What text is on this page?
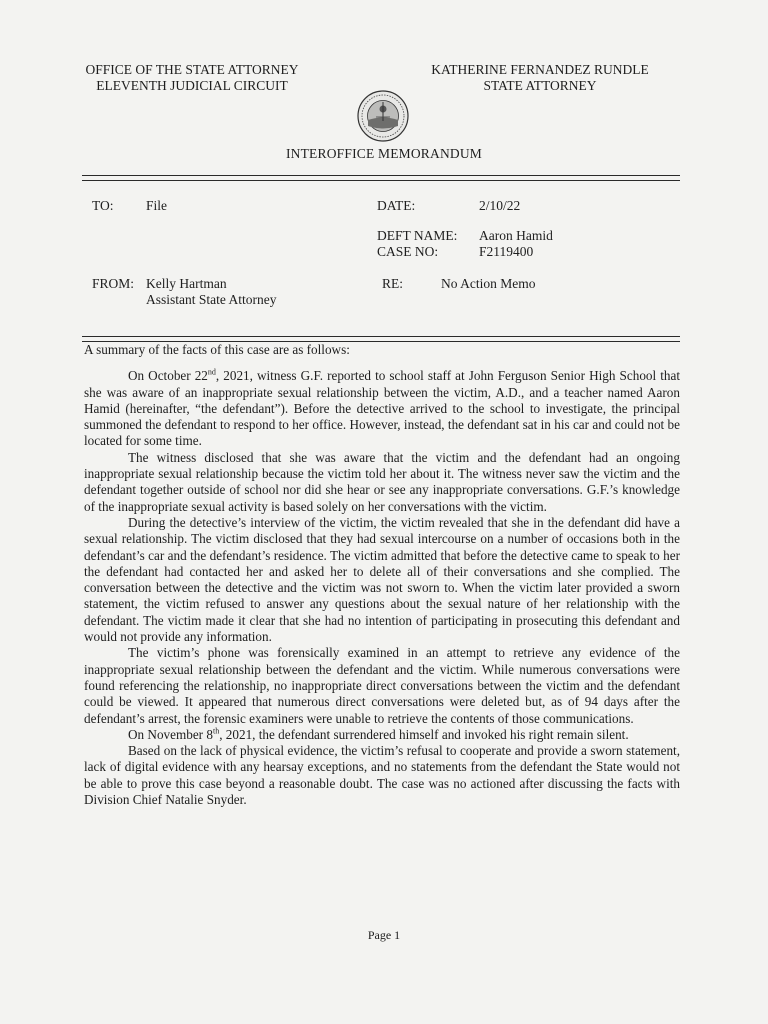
OFFICE OF THE STATE ATTORNEY
ELEVENTH JUDICIAL CIRCUIT
KATHERINE FERNANDEZ RUNDLE
STATE ATTORNEY
INTEROFFICE MEMORANDUM
TO: File	DATE:	2/10/22
DEFT NAME: Aaron Hamid
CASE NO:	F2119400
FROM: Kelly Hartman
Assistant State Attorney
RE:	No Action Memo

A summary of the facts of this case are as follows:

On October 22nd, 2021, witness G.F. reported to school staff at John Ferguson Senior High School that she was aware of an inappropriate sexual relationship between the victim, A.D., and a teacher named Aaron Hamid (hereinafter, “the defendant”). Before the detective arrived to the school to investigate, the principal summoned the defendant to respond to her office. However, instead, the defendant sat in his car and could not be located for some time.

The witness disclosed that she was aware that the victim and the defendant had an ongoing inappropriate sexual relationship because the victim told her about it. The witness never saw the victim and the defendant together outside of school nor did she hear or see any inappropriate conversations. G.F.’s knowledge of the inappropriate sexual activity is based solely on her conversations with the victim.

During the detective’s interview of the victim, the victim revealed that she in the defendant did have a sexual relationship. The victim disclosed that they had sexual intercourse on a number of occasions both in the defendant’s car and the defendant’s residence. The victim admitted that before the detective came to speak to her the defendant had contacted her and asked her to delete all of their conversations and she complied. The conversation between the detective and the victim was not sworn to. When the victim later provided a sworn statement, the victim refused to answer any questions about the sexual nature of her relationship with the defendant. The victim made it clear that she had no intention of participating in prosecuting this defendant and would not provide any information.

The victim’s phone was forensically examined in an attempt to retrieve any evidence of the inappropriate sexual relationship between the defendant and the victim. While numerous conversations were found referencing the relationship, no inappropriate direct conversations between the victim and the defendant could be viewed. It appeared that numerous direct conversations were deleted but, as of 94 days after the defendant’s arrest, the forensic examiners were unable to retrieve the contents of those communications.

On November 8th, 2021, the defendant surrendered himself and invoked his right remain silent.

Based on the lack of physical evidence, the victim’s refusal to cooperate and provide a sworn statement, lack of digital evidence with any hearsay exceptions, and no statements from the defendant the State would not be able to prove this case beyond a reasonable doubt. The case was no actioned after discussing the facts with Division Chief Natalie Snyder.

Page 1
